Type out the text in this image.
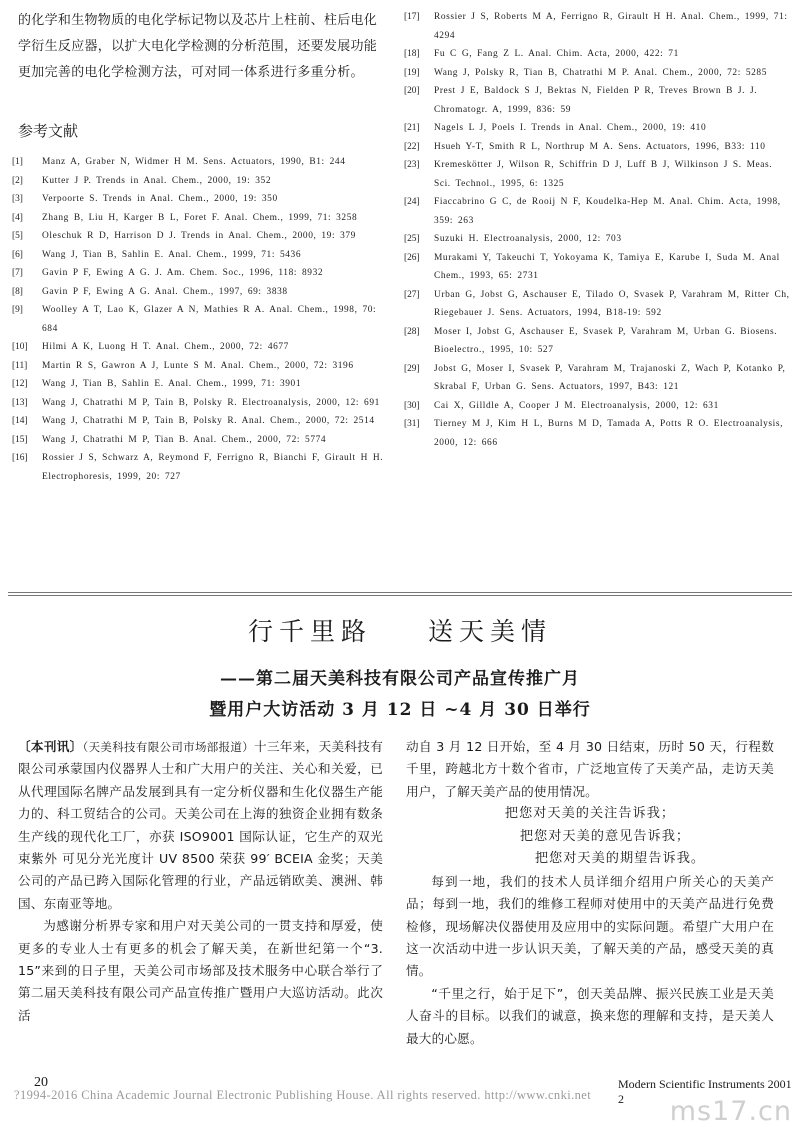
的化学和生物物质的电化学标记物以及芯片上柱前、柱后电化学衍生反应器，以扩大电化学检测的分析范围，还要发展功能更加完善的电化学检测方法，可对同一体系进行多重分析。
参考文献
[1]	Manz A, Graber N, Widmer H M. Sens. Actuators, 1990, B1: 244
[2]	Kutter J P. Trends in Anal. Chem., 2000, 19: 352
[3]	Verpoorte S. Trends in Anal. Chem., 2000, 19: 350
[4]	Zhang B, Liu H, Karger B L, Foret F. Anal. Chem., 1999, 71: 3258
[5]	Oleschuk R D, Harrison D J. Trends in Anal. Chem., 2000, 19: 379
[6]	Wang J, Tian B, Sahlin E. Anal. Chem., 1999, 71: 5436
[7]	Gavin P F, Ewing A G. J. Am. Chem. Soc., 1996, 118: 8932
[8]	Gavin P F, Ewing A G. Anal. Chem., 1997, 69: 3838
[9]	Woolley A T, Lao K, Glazer A N, Mathies R A. Anal. Chem., 1998, 70: 684
[10]	Hilmi A K, Luong H T. Anal. Chem., 2000, 72: 4677
[11]	Martin R S, Gawron A J, Lunte S M. Anal. Chem., 2000, 72: 3196
[12]	Wang J, Tian B, Sahlin E. Anal. Chem., 1999, 71: 3901
[13]	Wang J, Chatrathi M P, Tain B, Polsky R. Electroanalysis, 2000, 12: 691
[14]	Wang J, Chatrathi M P, Tain B, Polsky R. Anal. Chem., 2000, 72: 2514
[15]	Wang J, Chatrathi M P, Tian B. Anal. Chem., 2000, 72: 5774
[16]	Rossier J S, Schwarz A, Reymond F, Ferrigno R, Bianchi F, Girault H H. Electrophoresis, 1999, 20: 727
[17]	Rossier J S, Roberts M A, Ferrigno R, Girault H H. Anal. Chem., 1999, 71: 4294
[18]	Fu C G, Fang Z L. Anal. Chim. Acta, 2000, 422: 71
[19]	Wang J, Polsky R, Tian B, Chatrathi M P. Anal. Chem., 2000, 72: 5285
[20]	Prest J E, Baldock S J, Bektas N, Fielden P R, Treves Brown B J. J. Chromatogr. A, 1999, 836: 59
[21]	Nagels L J, Poels I. Trends in Anal. Chem., 2000, 19: 410
[22]	Hsueh Y-T, Smith R L, Northrup M A. Sens. Actuators, 1996, B33: 110
[23]	Kremeskötter J, Wilson R, Schiffrin D J, Luff B J, Wilkinson J S. Meas. Sci. Technol., 1995, 6: 1325
[24]	Fiaccabrino G C, de Rooij N F, Koudelka-Hep M. Anal. Chim. Acta, 1998, 359: 263
[25]	Suzuki H. Electroanalysis, 2000, 12: 703
[26]	Murakami Y, Takeuchi T, Yokoyama K, Tamiya E, Karube I, Suda M. Anal Chem., 1993, 65: 2731
[27]	Urban G, Jobst G, Aschauser E, Tilado O, Svasek P, Varahram M, Ritter Ch, Riegebauer J. Sens. Actuators, 1994, B18-19: 592
[28]	Moser I, Jobst G, Aschauser E, Svasek P, Varahram M, Urban G. Biosens. Bioelectro., 1995, 10: 527
[29]	Jobst G, Moser I, Svasek P, Varahram M, Trajanoski Z, Wach P, Kotanko P, Skrabal F, Urban G. Sens. Actuators, 1997, B43: 121
[30]	Cai X, Gilldle A, Cooper J M. Electroanalysis, 2000, 12: 631
[31]	Tierney M J, Kim H L, Burns M D, Tamada A, Potts R O. Electroanalysis, 2000, 12: 666
行千里路 送天美情
——第二届天美科技有限公司产品宣传推广月
暨用户大访活动 3 月 12 日 ~4 月 30 日举行

〔本刊讯〕（天美科技有限公司市场部报道）十三年来，天美科技有限公司承蒙国内仪器界人士和广大用户的关注、关心和关爱，已从代理国际名牌产品发展到具有一定分析仪器和生化仪器生产能力的、科工贸结合的公司。天美公司在上海的独资企业拥有数条生产线的现代化工厂，亦获 ISO9001 国际认证，它生产的双光束紫外 可见分光光度计 UV 8500 荣获 99′ BCEIA 金奖；天美公司的产品已跨入国际化管理的行业，产品远销欧美、澳洲、韩国、东南亚等地。

为感谢分析界专家和用户对天美公司的一贯支持和厚爱，使更多的专业人士有更多的机会了解天美，在新世纪第一个“3. 15”来到的日子里，天美公司市场部及技术服务中心联合举行了第二届天美科技有限公司产品宣传推广暨用户大巡访活动。此次活

动自 3 月 12 日开始，至 4 月 30 日结束，历时 50 天，行程数千里，跨越北方十数个省市，广泛地宣传了天美产品，走访天美用户，了解天美产品的使用情况。

把您对天美的关注告诉我；

把您对天美的意见告诉我；

把您对天美的期望告诉我。

每到一地，我们的技术人员详细介绍用户所关心的天美产品；每到一地，我们的维修工程师对使用中的天美产品进行免费检修，现场解决仪器使用及应用中的实际问题。希望广大用户在这一次活动中进一步认识天美，了解天美的产品，感受天美的真情。

“千里之行，始于足下”，创天美品牌、振兴民族工业是天美人奋斗的目标。以我们的诚意，换来您的理解和支持，是天美人最大的心愿。

20	Modern Scientific Instruments 2001 2
?1994-2016 China Academic Journal Electronic Publishing House. All rights reserved. http://www.cnki.net
ms17.cn
